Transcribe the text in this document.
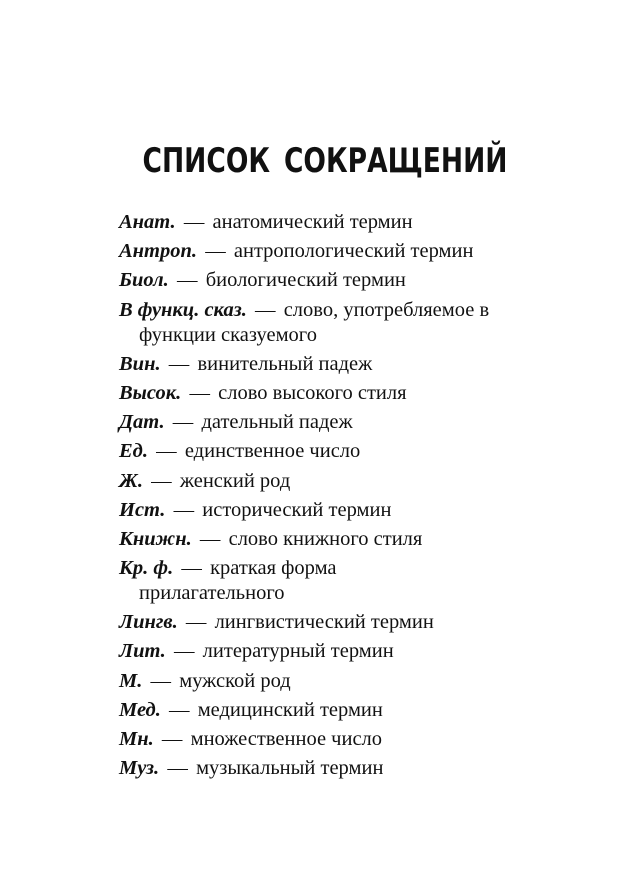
СПИСОК СОКРАЩЕНИЙ
Анат. — анатомический термин
Антроп. — антропологический термин
Биол. — биологический термин
В функц. сказ. — слово, употребляемое в функции сказуемого
Вин. — винительный падеж
Высок. — слово высокого стиля
Дат. — дательный падеж
Ед. — единственное число
Ж. — женский род
Ист. — исторический термин
Книжн. — слово книжного стиля
Кр. ф. — краткая форма прилагательного
Лингв. — лингвистический термин
Лит. — литературный термин
М. — мужской род
Мед. — медицинский термин
Мн. — множественное число
Муз. — музыкальный термин
